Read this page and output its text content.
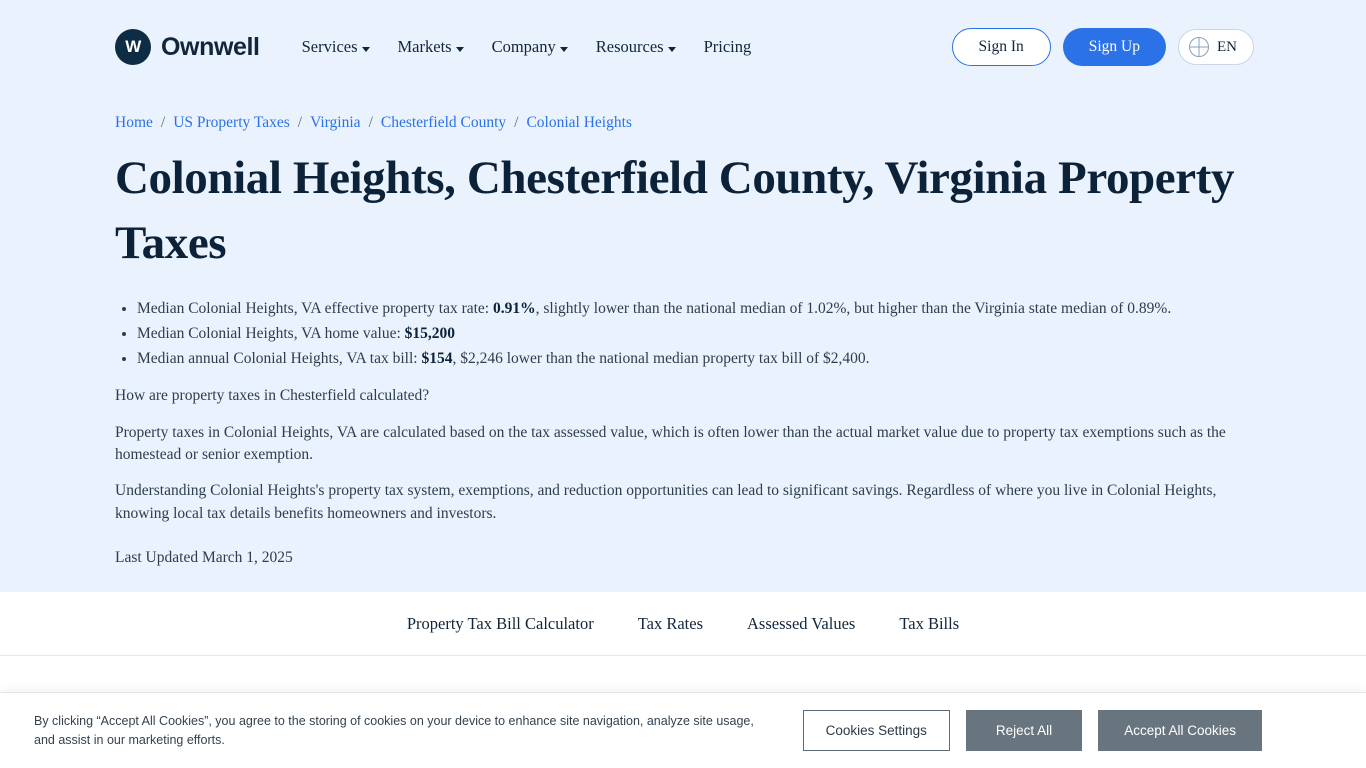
W Ownwell	Services Markets Company Resources Pricing	Sign In	Sign Up	EN
Home / US Property Taxes / Virginia / Chesterfield County / Colonial Heights
Colonial Heights, Chesterfield County, Virginia Property Taxes
• Median Colonial Heights, VA effective property tax rate: 0.91%, slightly lower than the national median of 1.02%, but higher than the Virginia state median of 0.89%.
• Median Colonial Heights, VA home value: $15,200
• Median annual Colonial Heights, VA tax bill: $154, $2,246 lower than the national median property tax bill of $2,400.

How are property taxes in Chesterfield calculated?

Property taxes in Colonial Heights, VA are calculated based on the tax assessed value, which is often lower than the actual market value due to property tax exemptions such as the homestead or senior exemption.

Understanding Colonial Heights's property tax system, exemptions, and reduction opportunities can lead to significant savings. Regardless of where you live in Colonial Heights, knowing local tax details benefits homeowners and investors.

Last Updated March 1, 2025

Property Tax Bill Calculator	Tax Rates	Assessed Values	Tax Bills
By clicking “Accept All Cookies”, you agree to the storing of cookies on your device to enhance site navigation, analyze site usage, and assist in our marketing efforts.
Cookies Settings	Reject All	Accept All Cookies
